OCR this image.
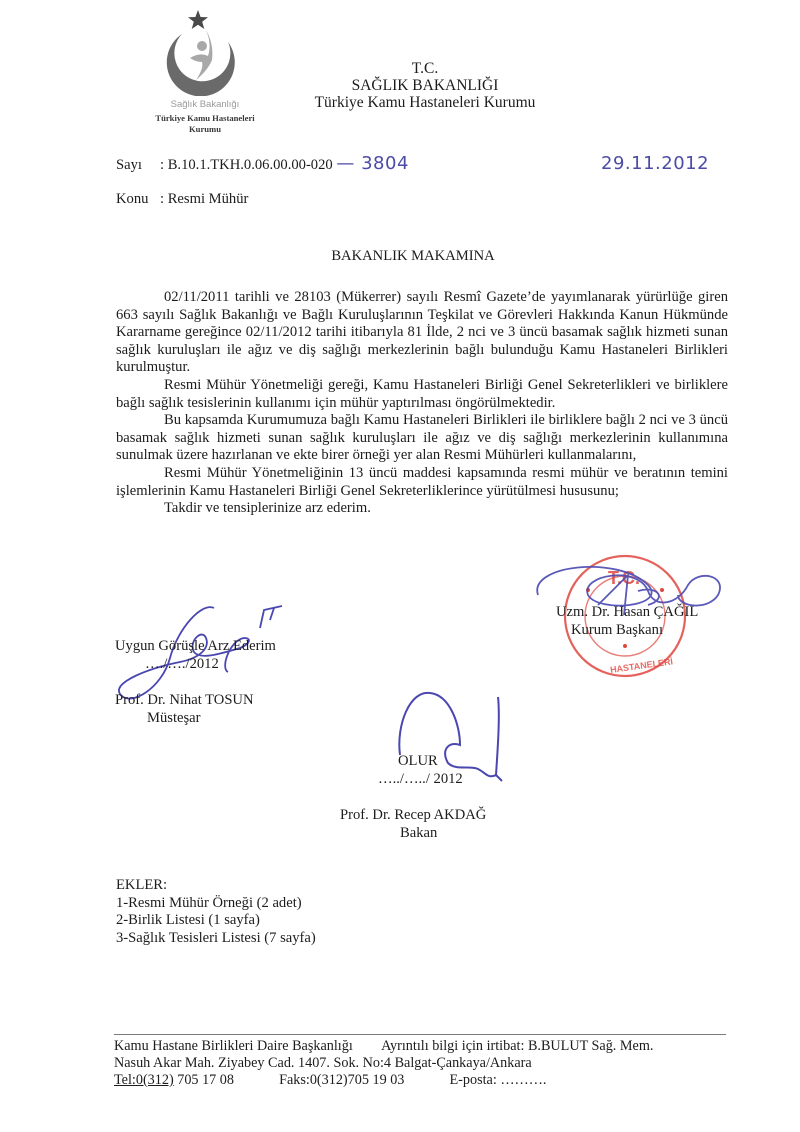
Sağlık Bakanlığı
Türkiye Kamu Hastaneleri
Kurumu
T.C.
SAĞLIK BAKANLIĞI
Türkiye Kamu Hastaneleri Kurumu
Sayı : B.10.1.TKH.0.06.00.00-020 — 3804	29.11.2012
Konu : Resmi Mühür
BAKANLIK MAKAMINA

02/11/2011 tarihli ve 28103 (Mükerrer) sayılı Resmî Gazete’de yayımlanarak yürürlüğe giren 663 sayılı Sağlık Bakanlığı ve Bağlı Kuruluşlarının Teşkilat ve Görevleri Hakkında Kanun Hükmünde Kararname gereğince 02/11/2012 tarihi itibarıyla 81 İlde, 2 nci ve 3 üncü basamak sağlık hizmeti sunan sağlık kuruluşları ile ağız ve diş sağlığı merkezlerinin bağlı bulunduğu Kamu Hastaneleri Birlikleri kurulmuştur.

Resmi Mühür Yönetmeliği gereği, Kamu Hastaneleri Birliği Genel Sekreterlikleri ve birliklere bağlı sağlık tesislerinin kullanımı için mühür yaptırılması öngörülmektedir.

Bu kapsamda Kurumumuza bağlı Kamu Hastaneleri Birlikleri ile birliklere bağlı 2 nci ve 3 üncü basamak sağlık hizmeti sunan sağlık kuruluşları ile ağız ve diş sağlığı merkezlerinin kullanımına sunulmak üzere hazırlanan ve ekte birer örneği yer alan Resmi Mühürleri kullanmalarını,

Resmi Mühür Yönetmeliğinin 13 üncü maddesi kapsamında resmi mühür ve beratının temini işlemlerinin Kamu Hastaneleri Birliği Genel Sekreterliklerince yürütülmesi hususunu;

Takdir ve tensiplerinize arz ederim.

T.C.
HASTANELERİ
Uzm. Dr. Hasan ÇAĞIL
Kurum Başkanı
Uygun Görüşle Arz Ederim
…./…./2012
Prof. Dr. Nihat TOSUN
Müsteşar
OLUR
…../…../ 2012
Prof. Dr. Recep AKDAĞ
Bakan
EKLER:
1-Resmi Mühür Örneği (2 adet)
2-Birlik Listesi (1 sayfa)
3-Sağlık Tesisleri Listesi (7 sayfa)
Kamu Hastane Birlikleri Daire Başkanlığı Ayrıntılı bilgi için irtibat: B.BULUT Sağ. Mem.
Nasuh Akar Mah. Ziyabey Cad. 1407. Sok. No:4 Balgat-Çankaya/Ankara
Tel:0(312) 705 17 08	Faks:0(312)705 19 03	E-posta: ……….
